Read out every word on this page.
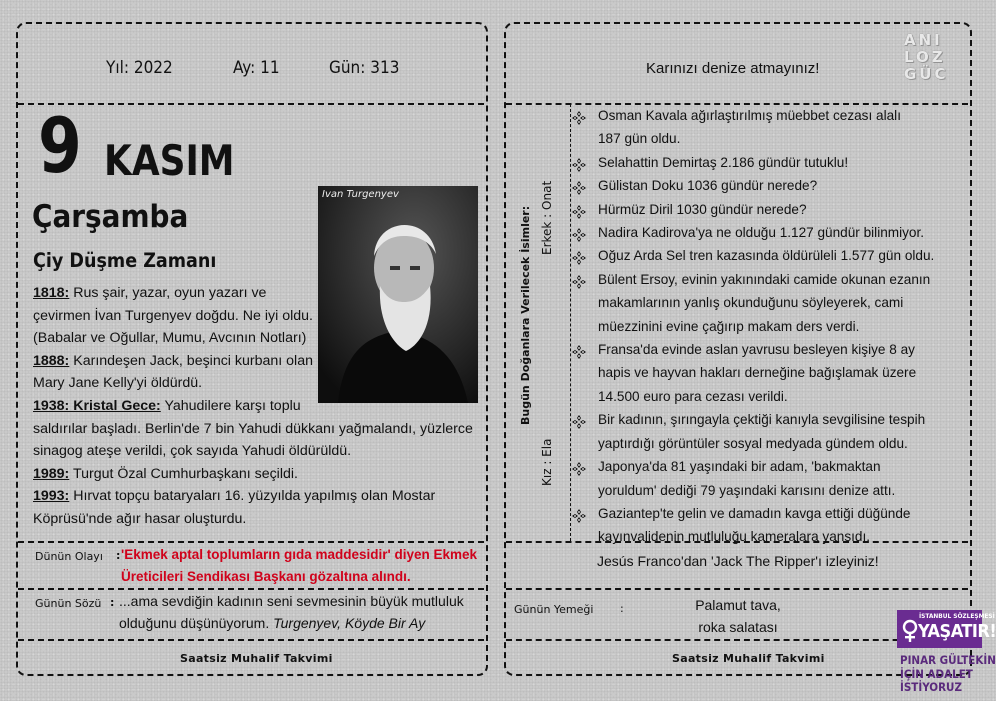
Yıl: 2022	Ay: 11	Gün: 313
9 KASIM
Çarşamba
Çiy Düşme Zamanı
Ivan Turgenyev
1818: Rus şair, yazar, oyun yazarı ve
çevirmen İvan Turgenyev doğdu. Ne iyi oldu.
(Babalar ve Oğullar, Mumu, Avcının Notları)
1888: Karındeşen Jack, beşinci kurbanı olan
Mary Jane Kelly'yi öldürdü.
1938: Kristal Gece: Yahudilere karşı toplu
saldırılar başladı. Berlin'de 7 bin Yahudi dükkanı yağmalandı, yüzlerce
sinagog ateşe verildi, çok sayıda Yahudi öldürüldü.
1989: Turgut Özal Cumhurbaşkanı seçildi.
1993: Hırvat topçu bataryaları 16. yüzyılda yapılmış olan Mostar
Köprüsü'nde ağır hasar oluşturdu.
Dünün Olayı : 'Ekmek aptal toplumların gıda maddesidir' diyen Ekmek
Üreticileri Sendikası Başkanı gözaltına alındı.
Günün Sözü : ...ama sevdiğin kadının seni sevmesinin büyük mutluluk
olduğunu düşünüyorum. Turgenyev, Köyde Bir Ay
Saatsiz Muhalif Takvimi
ANI
LOZ
GÜC
Karınızı denize atmayınız!
Bugün Doğanlara Verilecek İsimler: Erkek : Onat
Kız : Ela
Osman Kavala ağırlaştırılmış müebbet cezası alalı
187 gün oldu.
Selahattin Demirtaş 2.186 gündür tutuklu!
Gülistan Doku 1036 gündür nerede?
Hürmüz Diril 1030 gündür nerede?
Nadira Kadirova'ya ne olduğu 1.127 gündür bilinmiyor.
Oğuz Arda Sel tren kazasında öldürüleli 1.577 gün oldu.
Bülent Ersoy, evinin yakınındaki camide okunan ezanın
makamlarının yanlış okunduğunu söyleyerek, cami
müezzinini evine çağırıp makam ders verdi.
Fransa'da evinde aslan yavrusu besleyen kişiye 8 ay
hapis ve hayvan hakları derneğine bağışlamak üzere
14.500 euro para cezası verildi.
Bir kadının, şırıngayla çektiği kanıyla sevgilisine tespih
yaptırdığı görüntüler sosyal medyada gündem oldu.
Japonya'da 81 yaşındaki bir adam, 'bakmaktan
yoruldum' dediği 79 yaşındaki karısını denize attı.
Gaziantep'te gelin ve damadın kavga ettiği düğünde
kayınvalidenin mutluluğu kameralara yansıdı.
Jesús Franco'dan 'Jack The Ripper'ı izleyiniz!
Günün Yemeği :	Palamut tava,
roka salatası
Saatsiz Muhalif Takvimi
İSTANBUL SÖZLEŞMESİ
YAŞATIR!
PINAR GÜLTEKİN
İÇİN ADALET
İSTİYORUZ
